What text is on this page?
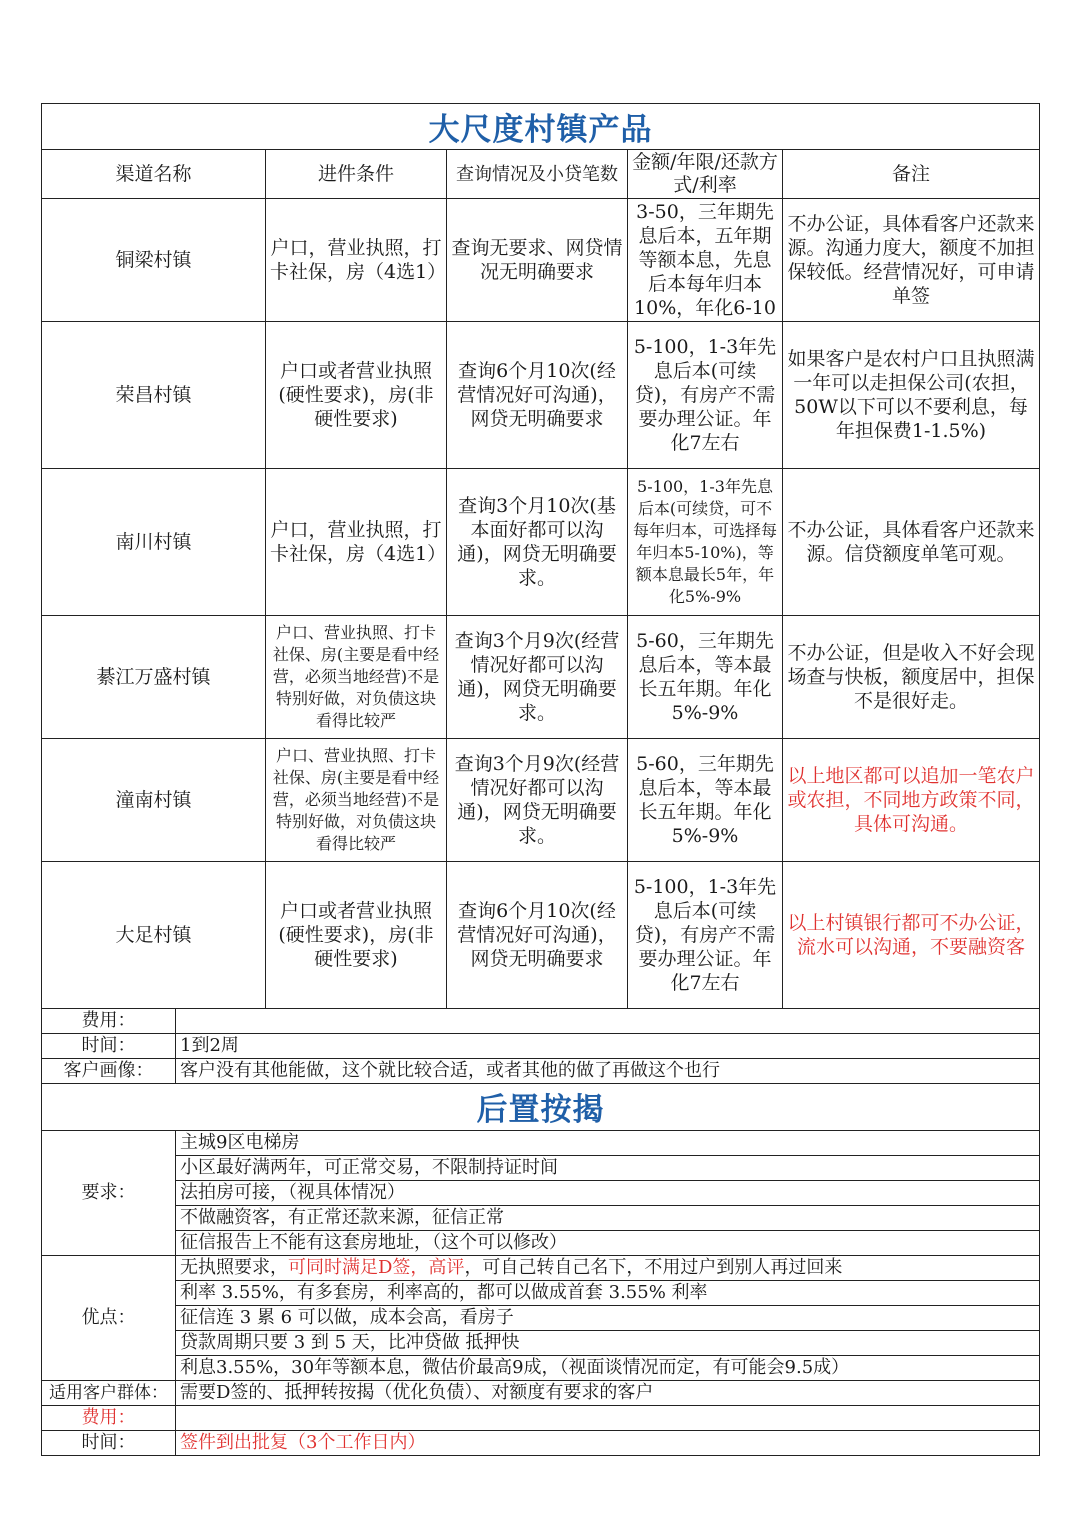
大尺度村镇产品				
渠道名称	进件条件	查询情况及小贷笔数	金额/年限/还款方式/利率	备注
铜梁村镇	户口，营业执照，打卡社保，房（4选1）	查询无要求、网贷情况无明确要求	3-50，三年期先息后本，五年期等额本息，先息后本每年归本10%，年化6-10	不办公证，具体看客户还款来源。沟通力度大，额度不加担保较低。经营情况好，可申请单签
荣昌村镇	户口或者营业执照(硬性要求)，房(非硬性要求)	查询6个月10次(经营情况好可沟通)，网贷无明确要求	5-100，1-3年先息后本(可续贷)，有房产不需要办理公证。年化7左右	如果客户是农村户口且执照满一年可以走担保公司(农担，50W以下可以不要利息，每年担保费1-1.5%)
南川村镇	户口，营业执照，打卡社保，房（4选1）	查询3个月10次(基本面好都可以沟通)，网贷无明确要求。	5-100，1-3年先息后本(可续贷，可不每年归本，可选择每年归本5-10%)，等额本息最长5年，年化5%-9%	不办公证，具体看客户还款来源。信贷额度单笔可观。
綦江万盛村镇	户口、营业执照、打卡社保、房(主要是看中经营，必须当地经营)不是特别好做，对负债这块看得比较严	查询3个月9次(经营情况好都可以沟通)，网贷无明确要求。	5-60，三年期先息后本，等本最长五年期。年化5%-9%	不办公证，但是收入不好会现场查与快板，额度居中，担保不是很好走。
潼南村镇	户口、营业执照、打卡社保、房(主要是看中经营，必须当地经营)不是特别好做，对负债这块看得比较严	查询3个月9次(经营情况好都可以沟通)，网贷无明确要求。	5-60，三年期先息后本，等本最长五年期。年化5%-9%	以上地区都可以追加一笔农户或农担，不同地方政策不同，具体可沟通。
大足村镇	户口或者营业执照(硬性要求)，房(非硬性要求)	查询6个月10次(经营情况好可沟通)，网贷无明确要求	5-100，1-3年先息后本(可续贷)，有房产不需要办理公证。年化7左右	以上村镇银行都可不办公证，流水可以沟通，不要融资客
费用：	
时间：	1到2周
客户画像：	客户没有其他能做，这个就比较合适，或者其他的做了再做这个也行
后置按揭	
要求：	主城9区电梯房
	小区最好满两年，可正常交易，不限制持证时间
	法拍房可接，（视具体情况）
	不做融资客，有正常还款来源，征信正常
	征信报告上不能有这套房地址，（这个可以修改）
优点：	无执照要求，可同时满足D签，高评，可自己转自己名下，不用过户到别人再过回来
	利率 3.55%，有多套房，利率高的，都可以做成首套 3.55% 利率
	征信连 3 累 6 可以做，成本会高，看房子
	贷款周期只要 3 到 5 天，比冲贷做 抵押快
	利息3.55%，30年等额本息，微估价最高9成，（视面谈情况而定，有可能会9.5成）
适用客户群体：	需要D签的、抵押转按揭（优化负债）、对额度有要求的客户
费用：	
时间：	签件到出批复（3个工作日内）
